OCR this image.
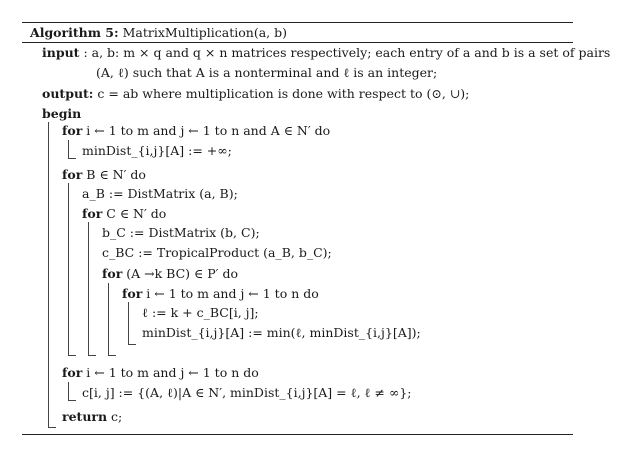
Algorithm 5: MatrixMultiplication(a, b)
input : a, b: m × q and q × n matrices respectively; each entry of a and b is a set of pairs
(A, ℓ) such that A is a nonterminal and ℓ is an integer;
output: c = ab where multiplication is done with respect to (⊙, ∪);
begin
for i ← 1 to m and j ← 1 to n and A ∈ N′ do
minDist_{i,j}[A] := +∞;
for B ∈ N′ do
a_B := DistMatrix (a, B);
for C ∈ N′ do
b_C := DistMatrix (b, C);
c_BC := TropicalProduct (a_B, b_C);
for (A →k BC) ∈ P′ do
for i ← 1 to m and j ← 1 to n do
ℓ := k + c_BC[i, j];
minDist_{i,j}[A] := min(ℓ, minDist_{i,j}[A]);
for i ← 1 to m and j ← 1 to n do
c[i, j] := {(A, ℓ)|A ∈ N′, minDist_{i,j}[A] = ℓ, ℓ ≠ ∞};
return c;
